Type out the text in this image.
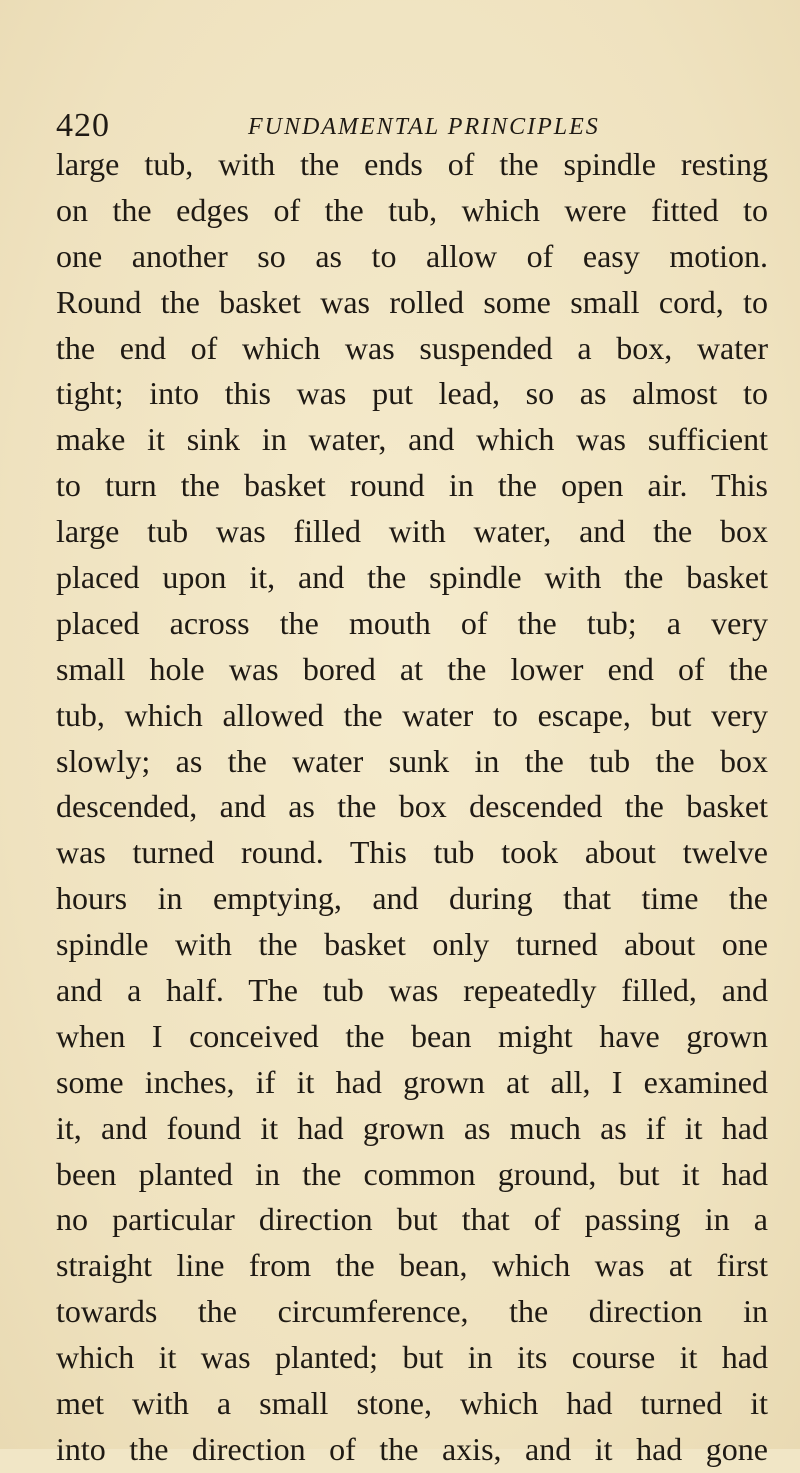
420	FUNDAMENTAL PRINCIPLES
large tub, with the ends of the spindle resting
on the edges of the tub, which were fitted to
one another so as to allow of easy motion.
Round the basket was rolled some small cord, to
the end of which was suspended a box, water
tight; into this was put lead, so as almost to
make it sink in water, and which was sufficient
to turn the basket round in the open air. This
large tub was filled with water, and the box
placed upon it, and the spindle with the basket
placed across the mouth of the tub; a very
small hole was bored at the lower end of the
tub, which allowed the water to escape, but very
slowly; as the water sunk in the tub the box
descended, and as the box descended the basket
was turned round. This tub took about twelve
hours in emptying, and during that time the
spindle with the basket only turned about one
and a half. The tub was repeatedly filled, and
when I conceived the bean might have grown
some inches, if it had grown at all, I examined
it, and found it had grown as much as if it had
been planted in the common ground, but it had
no particular direction but that of passing in a
straight line from the bean, which was at first
towards the circumference, the direction in
which it was planted; but in its course it had
met with a small stone, which had turned it
into the direction of the axis, and it had gone
